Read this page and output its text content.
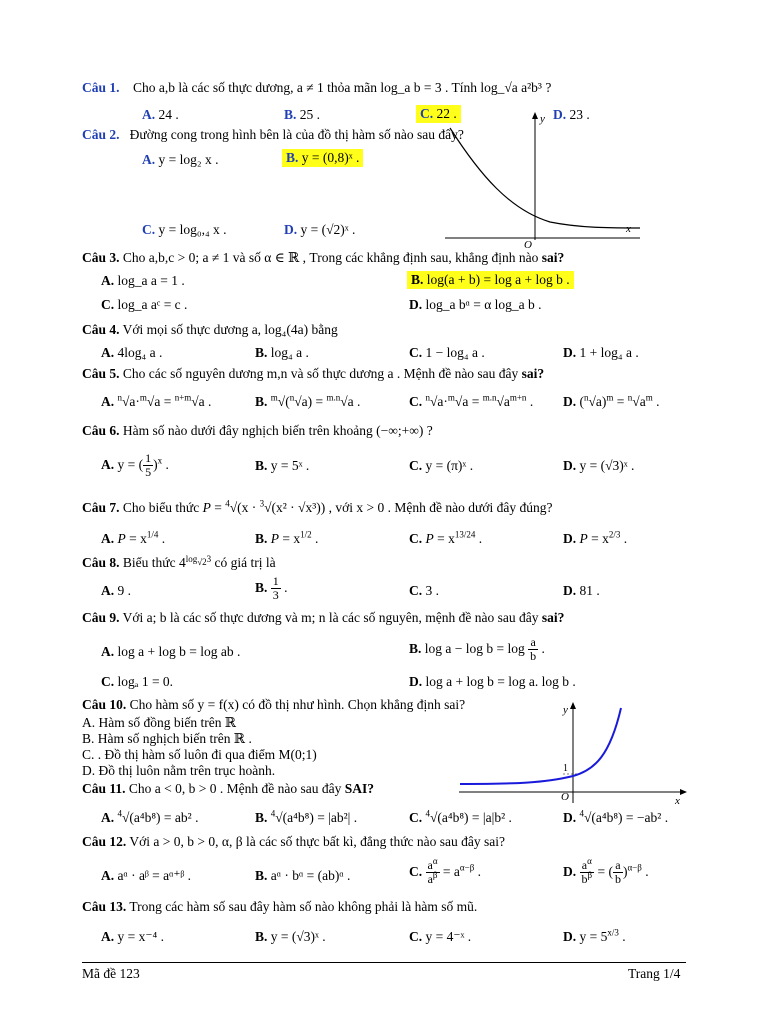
Câu 1. Cho a,b là các số thực dương, a ≠ 1 thỏa mãn log_a b = 3 . Tính log_√a a²b³ ?
A. 24 .	B. 25 .	C. 22 .	D. 23 .
Câu 2. Đường cong trong hình bên là của đồ thị hàm số nào sau đây?
A. y = log₂ x .	B. y = (0,8)ˣ .
C. y = log₀,₄ x .	D. y = (√2)ˣ .
y
x
O
Câu 3. Cho a,b,c > 0; a ≠ 1 và số α ∈ ℝ , Trong các khẳng định sau, khẳng định nào sai?
A. log_a a = 1 .	B. log(a + b) = log a + log b .
C. log_a aᶜ = c .	D. log_a bᵅ = α log_a b .
Câu 4. Với mọi số thực dương a, log₄(4a) bằng
A. 4log₄ a .	B. log₄ a .	C. 1 − log₄ a .	D. 1 + log₄ a .
Câu 5. Cho các số nguyên dương m,n và số thực dương a . Mệnh đề nào sau đây sai?
A. $^n$√a·$^m$√a = $^{n+m}$√a .	B. $^m$√($^n$√a) = $^{m.n}$√a .	C. $^n√a\cdot^m√a = ^{m.n}√a^{m+n}$ . D. $(^n√a)^m = ^n√a^m$ .
Câu 6. Hàm số nào dưới đây nghịch biến trên khoảng (−∞;+∞) ?
A. y = ( $\frac{1}{5} )^x$ .	B. y = 5ˣ .	C. y = (π)ˣ .	D. y = (√3)ˣ .
Câu 7. Cho biểu thức P = $^4$√(x · $^3$√(x² · √x³)) , với x > 0 . Mệnh đề nào dưới đây đúng?
A. $P = x^{1/4}$ .	B. $P = x^{1/2}$ .	C. $P = x^{13/24}$ .	D. $P = x^{2/3}$ .
Câu 8. Biểu thức $4^{log_{√2}3}$ có giá trị là
A. 9 .	B. $\frac{1}{3}$ .	C. 3 .	D. 81 .
Câu 9. Với a; b là các số thực dương và m; n là các số nguyên, mệnh đề nào sau đây sai?
A. log a + log b = log ab .	B. $\log a - \log b = \log \frac{a}{b}$ .
C. logₐ 1 = 0.	D. log a + log b = log a. log b .
Câu 10. Cho hàm số y = f(x) có đồ thị như hình. Chọn khẳng định sai?
A. Hàm số đồng biến trên ℝ
B. Hàm số nghịch biến trên ℝ .
C. . Đồ thị hàm số luôn đi qua điểm M(0;1)
D. Đồ thị luôn nằm trên trục hoành.
y
x
O
1
Câu 11. Cho a < 0, b > 0 . Mệnh đề nào sau đây SAI?
A. $^4$√(a⁴b⁸) = ab² .	B. $^4$√(a⁴b⁸) = |ab²| .	C. $^4$√(a⁴b⁸) = |a|b² .	D. $^4$√(a⁴b⁸) = −ab² .
Câu 12. Với a > 0, b > 0, α, β là các số thực bất kì, đẳng thức nào sau đây sai?
A. aᵅ · aᵝ = aᵅ⁺ᵝ .	B. aᵅ · bᵅ = (ab)ᵅ .	C. $\frac{a^\alpha}{a^\beta} = a^{\alpha-\beta}$ .	D. $\frac{a^\alpha}{b^\beta}$ = ( $\frac{a}{b} )^{\alpha-\beta}$ .
Câu 13. Trong các hàm số sau đây hàm số nào không phải là hàm số mũ.
A. y = x⁻⁴ .	B. y = (√3)ˣ .	C. y = 4⁻ˣ .	D. $y = 5^{x/3}$ .
Mã đề 123	Trang 1/4
